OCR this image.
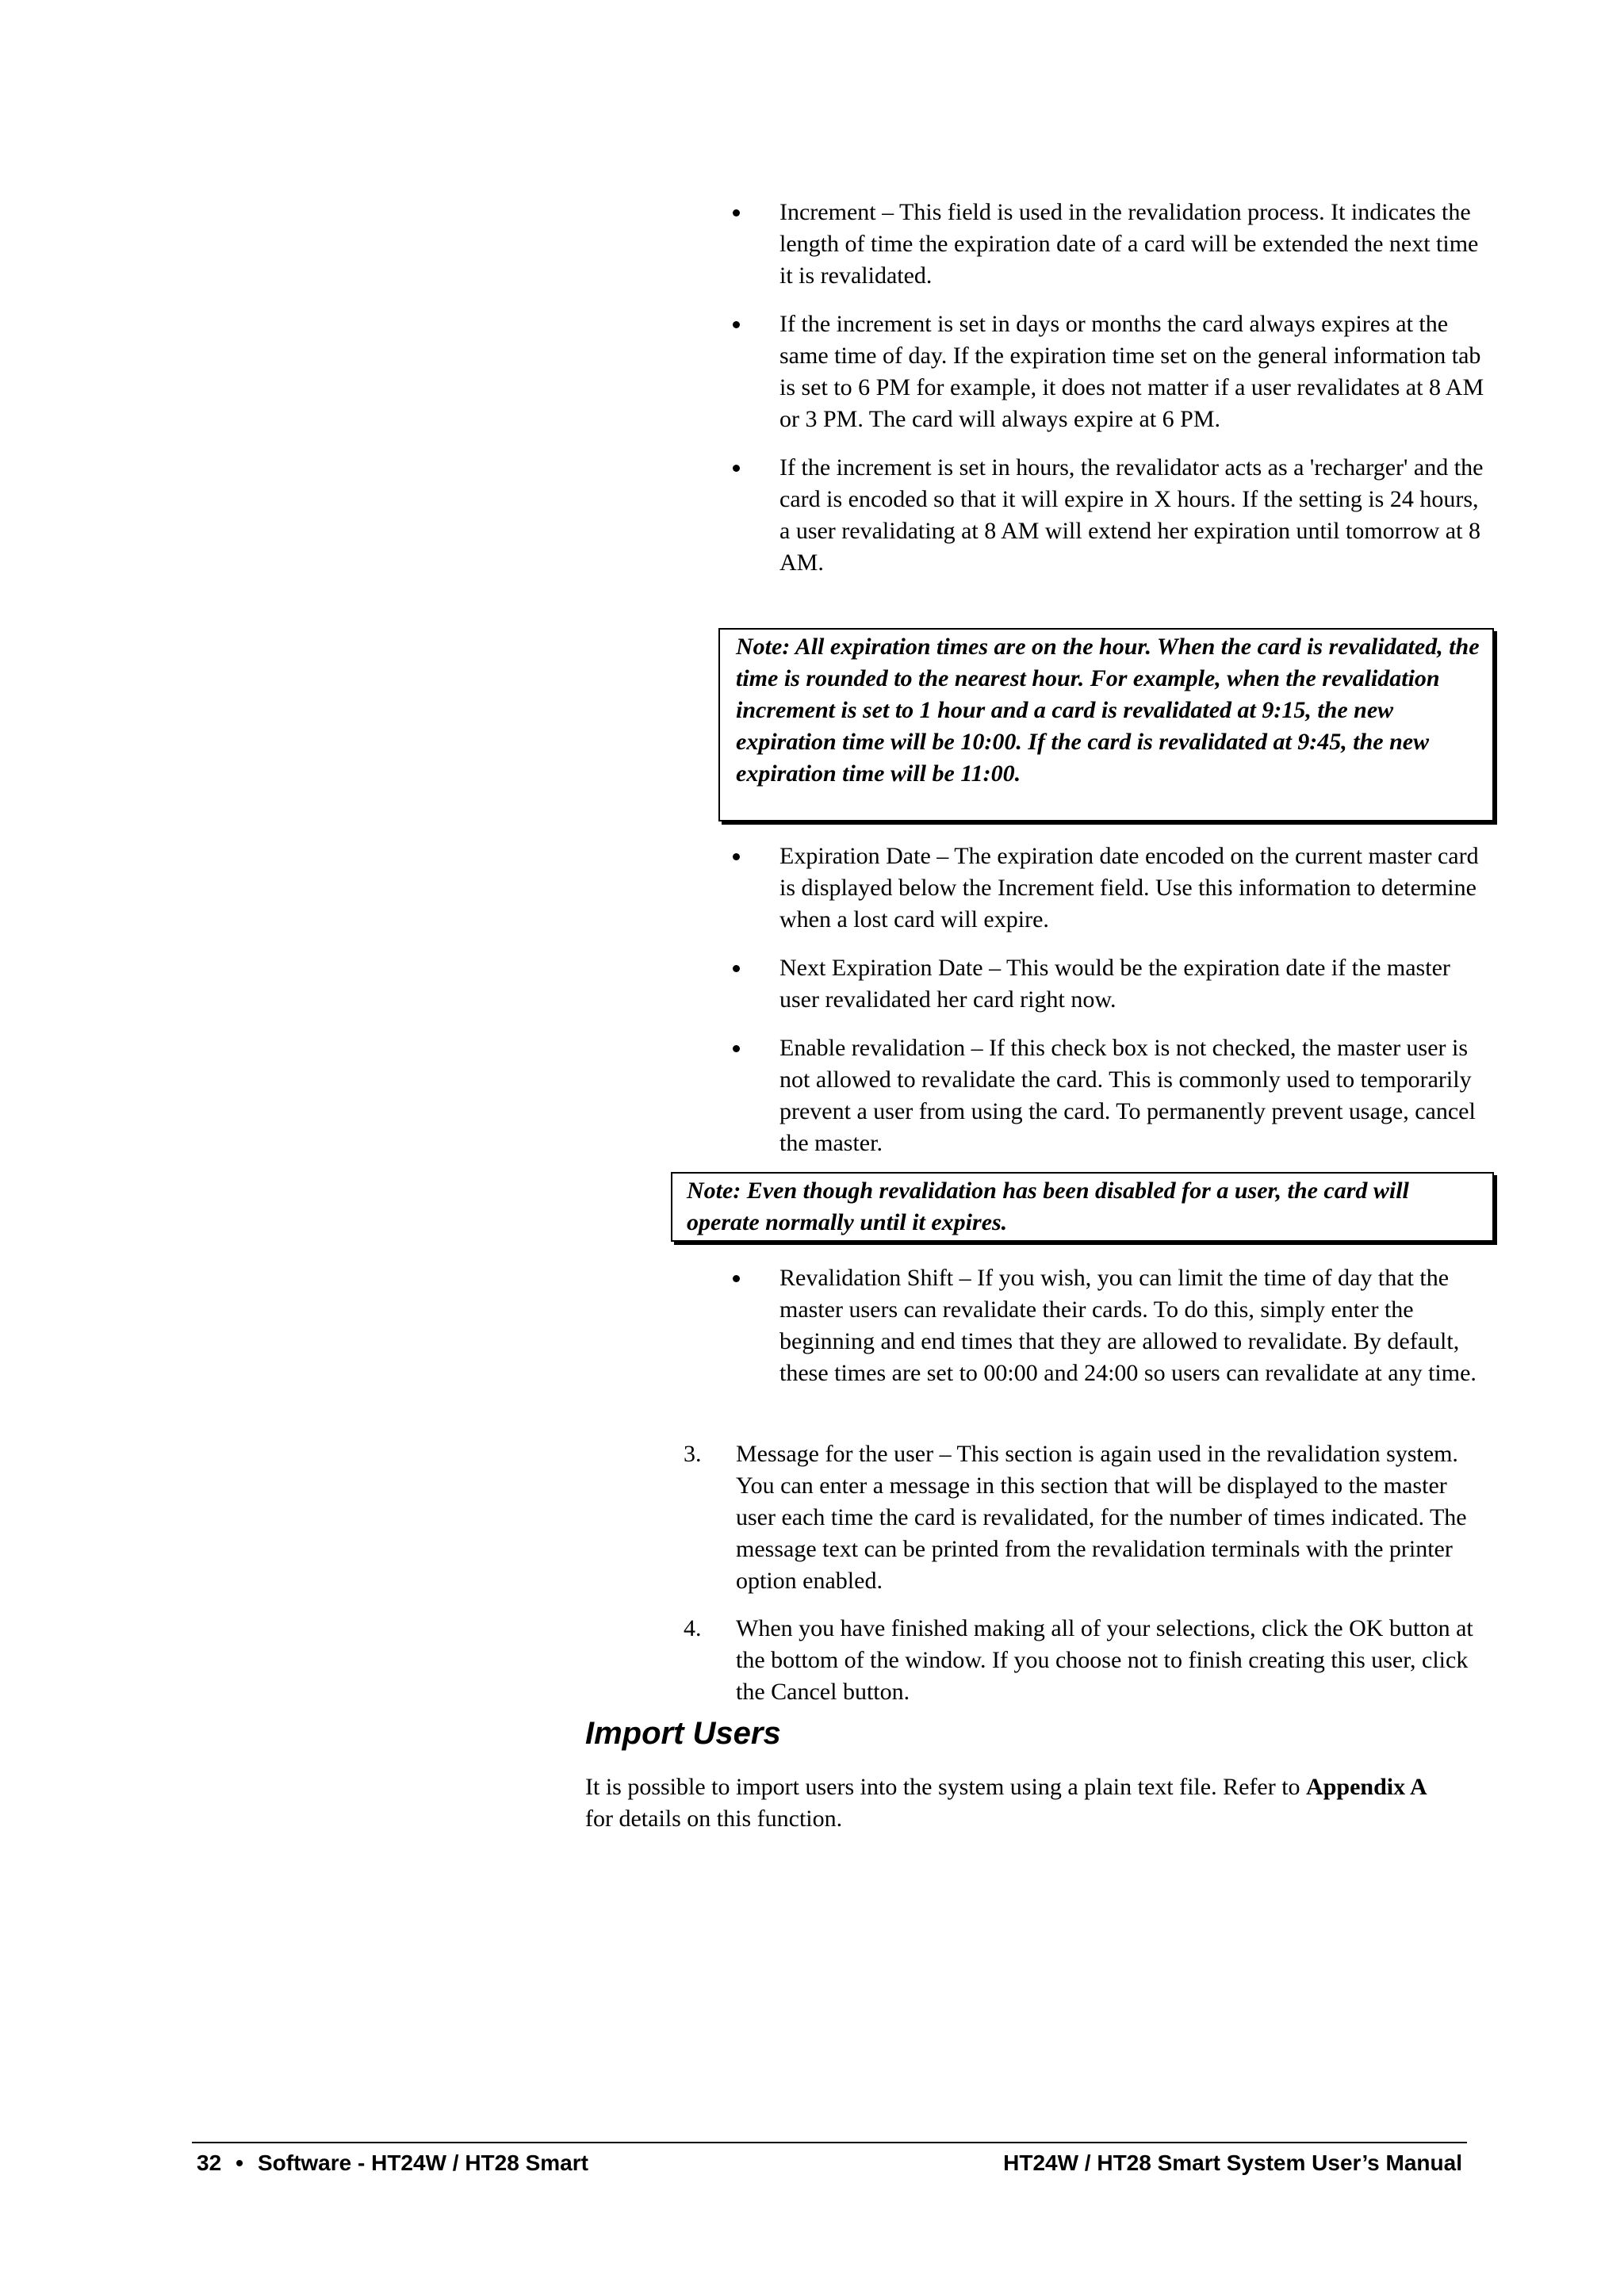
Increment – This field is used in the revalidation process. It indicates the length of time the expiration date of a card will be extended the next time it is revalidated.
If the increment is set in days or months the card always expires at the same time of day. If the expiration time set on the general information tab is set to 6 PM for example, it does not matter if a user revalidates at 8 AM or 3 PM. The card will always expire at 6 PM.
If the increment is set in hours, the revalidator acts as a 'recharger' and the card is encoded so that it will expire in X hours. If the setting is 24 hours, a user revalidating at 8 AM will extend her expiration until tomorrow at 8 AM.
Note: All expiration times are on the hour. When the card is revalidated, the time is rounded to the nearest hour. For example, when the revalidation increment is set to 1 hour and a card is revalidated at 9:15, the new expiration time will be 10:00. If the card is revalidated at 9:45, the new expiration time will be 11:00.
Expiration Date – The expiration date encoded on the current master card is displayed below the Increment field. Use this information to determine when a lost card will expire.
Next Expiration Date – This would be the expiration date if the master user revalidated her card right now.
Enable revalidation – If this check box is not checked, the master user is not allowed to revalidate the card. This is commonly used to temporarily prevent a user from using the card. To permanently prevent usage, cancel the master.
Note: Even though revalidation has been disabled for a user, the card will operate normally until it expires.
Revalidation Shift – If you wish, you can limit the time of day that the master users can revalidate their cards. To do this, simply enter the beginning and end times that they are allowed to revalidate. By default, these times are set to 00:00 and 24:00 so users can revalidate at any time.
3. Message for the user – This section is again used in the revalidation system. You can enter a message in this section that will be displayed to the master user each time the card is revalidated, for the number of times indicated. The message text can be printed from the revalidation terminals with the printer option enabled.
4. When you have finished making all of your selections, click the OK button at the bottom of the window. If you choose not to finish creating this user, click the Cancel button.
Import Users

It is possible to import users into the system using a plain text file. Refer to Appendix A for details on this function.

32 • Software - HT24W / HT28 Smart	HT24W / HT28 Smart System User’s Manual
